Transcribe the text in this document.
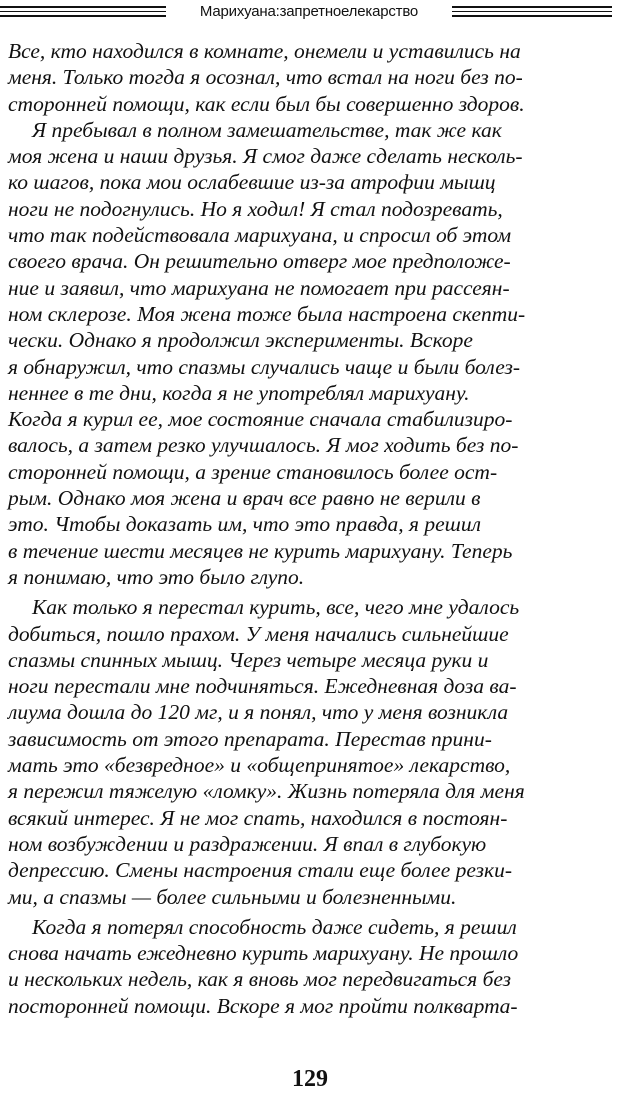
Марихуана:запретноелекарство
Все, кто находился в комнате, онемели и уставились на
меня. Только тогда я осознал, что встал на ноги без по-
сторонней помощи, как если был бы совершенно здоров.
Я пребывал в полном замешательстве, так же как
моя жена и наши друзья. Я смог даже сделать несколь-
ко шагов, пока мои ослабевшие из-за атрофии мышц
ноги не подогнулись. Но я ходил! Я стал подозревать,
что так подействовала марихуана, и спросил об этом
своего врача. Он решительно отверг мое предположе-
ние и заявил, что марихуана не помогает при рассеян-
ном склерозе. Моя жена тоже была настроена скепти-
чески. Однако я продолжил эксперименты. Вскоре
я обнаружил, что спазмы случались чаще и были болез-
неннее в те дни, когда я не употреблял марихуану.
Когда я курил ее, мое состояние сначала стабилизиро-
валось, а затем резко улучшалось. Я мог ходить без по-
сторонней помощи, а зрение становилось более ост-
рым. Однако моя жена и врач все равно не верили в
это. Чтобы доказать им, что это правда, я решил
в течение шести месяцев не курить марихуану. Теперь
я понимаю, что это было глупо.
Как только я перестал курить, все, чего мне удалось
добиться, пошло прахом. У меня начались сильнейшие
спазмы спинных мышц. Через четыре месяца руки и
ноги перестали мне подчиняться. Ежедневная доза ва-
лиума дошла до 120 мг, и я понял, что у меня возникла
зависимость от этого препарата. Перестав прини-
мать это «безвредное» и «общепринятое» лекарство,
я пережил тяжелую «ломку». Жизнь потеряла для меня
всякий интерес. Я не мог спать, находился в постоян-
ном возбуждении и раздражении. Я впал в глубокую
депрессию. Смены настроения стали еще более резки-
ми, а спазмы — более сильными и болезненными.
Когда я потерял способность даже сидеть, я решил
снова начать ежедневно курить марихуану. Не прошло
и нескольких недель, как я вновь мог передвигаться без
посторонней помощи. Вскоре я мог пройти полквартa-
129
